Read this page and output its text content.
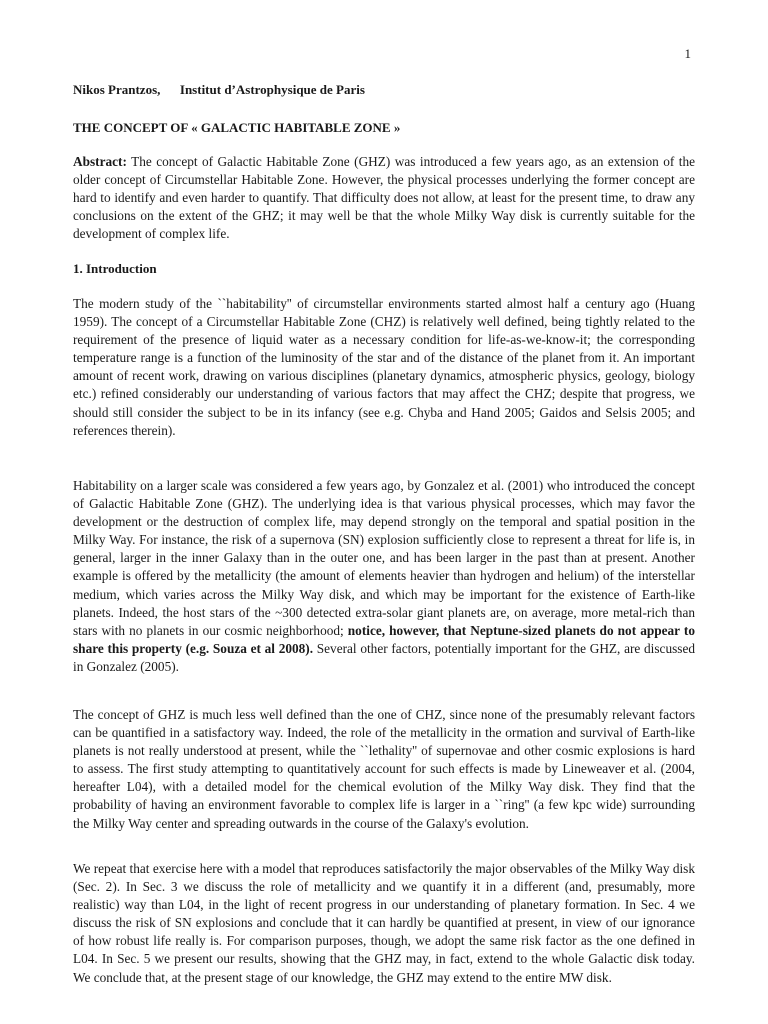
1
Nikos Prantzos,      Institut d’Astrophysique de Paris
THE CONCEPT OF « GALACTIC HABITABLE ZONE »

Abstract: The concept of Galactic Habitable Zone (GHZ) was introduced a few years ago, as an extension of the older concept of Circumstellar Habitable Zone. However, the physical processes underlying the former concept are hard to identify and even harder to quantify. That difficulty does not allow, at least for the present time, to draw any conclusions on the extent of the GHZ; it may well be that the whole Milky Way disk is currently suitable for the development of complex life.

1. Introduction

The modern study of the ``habitability'' of circumstellar environments started almost half a century ago (Huang 1959). The concept of a Circumstellar Habitable Zone (CHZ) is relatively well defined, being tightly related to the requirement of the presence of liquid water as a necessary condition for life-as-we-know-it; the corresponding temperature range is a function of the luminosity of the star and of the distance of the planet from it. An important amount of recent work, drawing on various disciplines (planetary dynamics, atmospheric physics, geology, biology etc.) refined considerably our understanding of various factors that may affect the CHZ; despite that progress, we should still consider the subject to be in its infancy (see e.g. Chyba and Hand 2005; Gaidos and Selsis 2005; and references therein).

Habitability on a larger scale was considered a few years ago, by Gonzalez et al. (2001) who introduced the concept of Galactic Habitable Zone (GHZ). The underlying idea is that various physical processes, which may favor the development or the destruction of complex life, may depend strongly on the temporal and spatial position in the Milky Way. For instance, the risk of a supernova (SN) explosion sufficiently close to represent a threat for life is, in general, larger in the inner Galaxy than in the outer one, and has been larger in the past than at present. Another example is offered by the metallicity (the amount of elements heavier than hydrogen and helium) of the interstellar medium, which varies across the Milky Way disk, and which may be important for the existence of Earth-like planets. Indeed, the host stars of the ~300 detected extra-solar giant planets are, on average, more metal-rich than stars with no planets in our cosmic neighborhood; notice, however, that Neptune-sized planets do not appear to share this property (e.g. Souza et al 2008). Several other factors, potentially important for the GHZ, are discussed in Gonzalez (2005).

The concept of GHZ is much less well defined than the one of CHZ, since none of the presumably relevant factors can be quantified in a satisfactory way. Indeed, the role of the metallicity in the ormation and survival of Earth-like planets is not really understood at present, while the ``lethality'' of supernovae and other cosmic explosions is hard to assess. The first study attempting to quantitatively account for such effects is made by Lineweaver et al. (2004, hereafter L04), with a detailed model for the chemical evolution of the Milky Way disk. They find that the probability of having an environment favorable to complex life is larger in a ``ring'' (a few kpc wide) surrounding the Milky Way center and spreading outwards in the course of the Galaxy's evolution.

We repeat that exercise here with a model that reproduces satisfactorily the major observables of the Milky Way disk (Sec. 2). In Sec. 3 we discuss the role of metallicity and we quantify it in a different (and, presumably, more realistic) way than L04, in the light of recent progress in our understanding of planetary formation. In Sec. 4 we discuss the risk of SN explosions and conclude that it can hardly be quantified at present, in view of our ignorance of how robust life really is. For comparison purposes, though, we adopt the same risk factor as the one defined in L04. In Sec. 5 we present our results, showing that the GHZ may, in fact, extend to the whole Galactic disk today. We conclude that, at the present stage of our knowledge, the GHZ may extend to the entire MW disk.
